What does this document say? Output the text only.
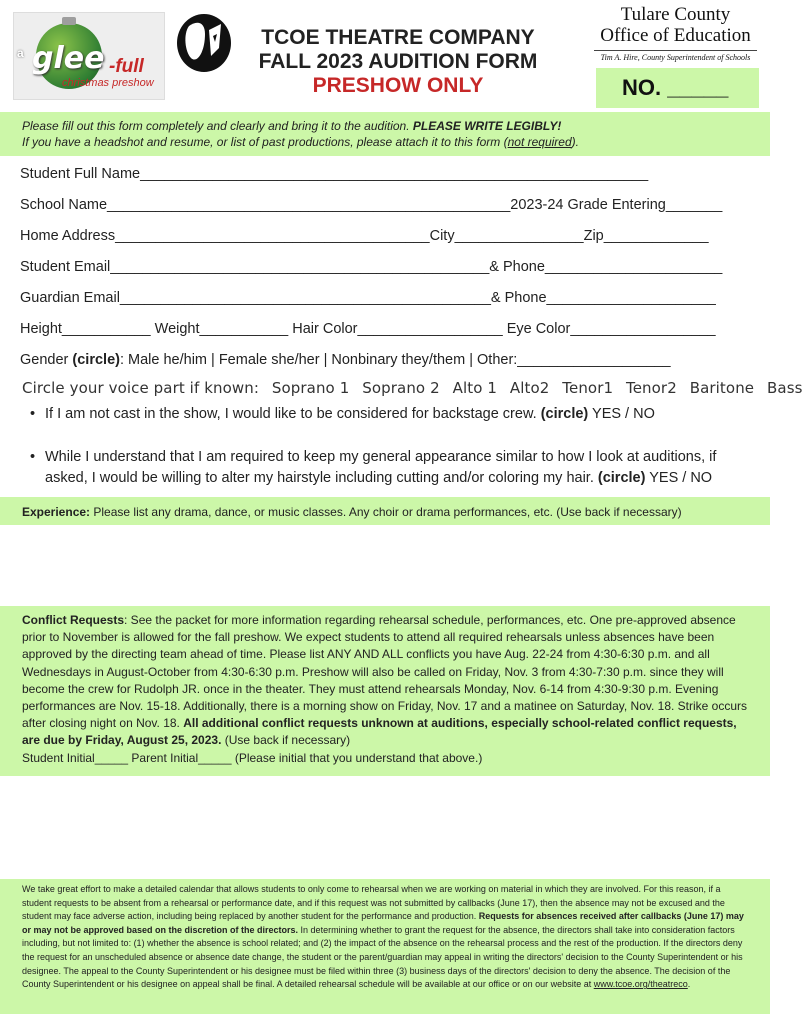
a glee -full
christmas preshow
TCOE THEATRE COMPANY
FALL 2023 AUDITION FORM
PRESHOW ONLY
Tulare County
Office of Education
Tim A. Hire, County Superintendent of Schools
NO. _____
Please fill out this form completely and clearly and bring it to the audition. PLEASE WRITE LEGIBLY!
If you have a headshot and resume, or list of past productions, please attach it to this form (not required).
Student Full Name_______________________________________________________________
School Name__________________________________________________2023-24 Grade Entering_______
Home Address_______________________________________City________________Zip_____________
Student Email_______________________________________________& Phone______________________
Guardian Email______________________________________________& Phone_____________________
Height___________ Weight___________ Hair Color__________________ Eye Color__________________
Gender (circle): Male he/him | Female she/her | Nonbinary they/them | Other:___________________
Circle your voice part if known: Soprano 1 Soprano 2 Alto 1 Alto2 Tenor1 Tenor2 Baritone Bass
• If I am not cast in the show, I would like to be considered for backstage crew. (circle) YES / NO
• While I understand that I am required to keep my general appearance similar to how I look at auditions, if asked, I would be willing to alter my hairstyle including cutting and/or coloring my hair. (circle) YES / NO
Experience: Please list any drama, dance, or music classes. Any choir or drama performances, etc. (Use back if necessary)
Conflict Requests: See the packet for more information regarding rehearsal schedule, performances, etc. One pre-approved absence prior to November is allowed for the fall preshow. We expect students to attend all required rehearsals unless absences have been approved by the directing team ahead of time. Please list ANY AND ALL conflicts you have Aug. 22-24 from 4:30-6:30 p.m. and all Wednesdays in August-October from 4:30-6:30 p.m. Preshow will also be called on Friday, Nov. 3 from 4:30-7:30 p.m. since they will become the crew for Rudolph JR. once in the theater. They must attend rehearsals Monday, Nov. 6-14 from 4:30-9:30 p.m. Evening performances are Nov. 15-18. Additionally, there is a morning show on Friday, Nov. 17 and a matinee on Saturday, Nov. 18. Strike occurs after closing night on Nov. 18. All additional conflict requests unknown at auditions, especially school-related conflict requests, are due by Friday, August 25, 2023. (Use back if necessary)
Student Initial_____ Parent Initial_____ (Please initial that you understand that above.)
We take great effort to make a detailed calendar that allows students to only come to rehearsal when we are working on material in which they are involved. For this reason, if a student requests to be absent from a rehearsal or performance date, and if this request was not submitted by callbacks (June 17), then the absence may not be excused and the student may face adverse action, including being replaced by another student for the performance and production. Requests for absences received after callbacks (June 17) may or may not be approved based on the discretion of the directors. In determining whether to grant the request for the absence, the directors shall take into consideration factors including, but not limited to: (1) whether the absence is school related; and (2) the impact of the absence on the rehearsal process and the rest of the production. If the directors deny the request for an unscheduled absence or absence date change, the student or the parent/guardian may appeal in writing the directors' decision to the County Superintendent or his designee. The appeal to the County Superintendent or his designee must be filed within three (3) business days of the directors' decision to deny the absence. The decision of the County Superintendent or his designee on appeal shall be final. A detailed rehearsal schedule will be available at our office or on our website at www.tcoe.org/theatreco.
